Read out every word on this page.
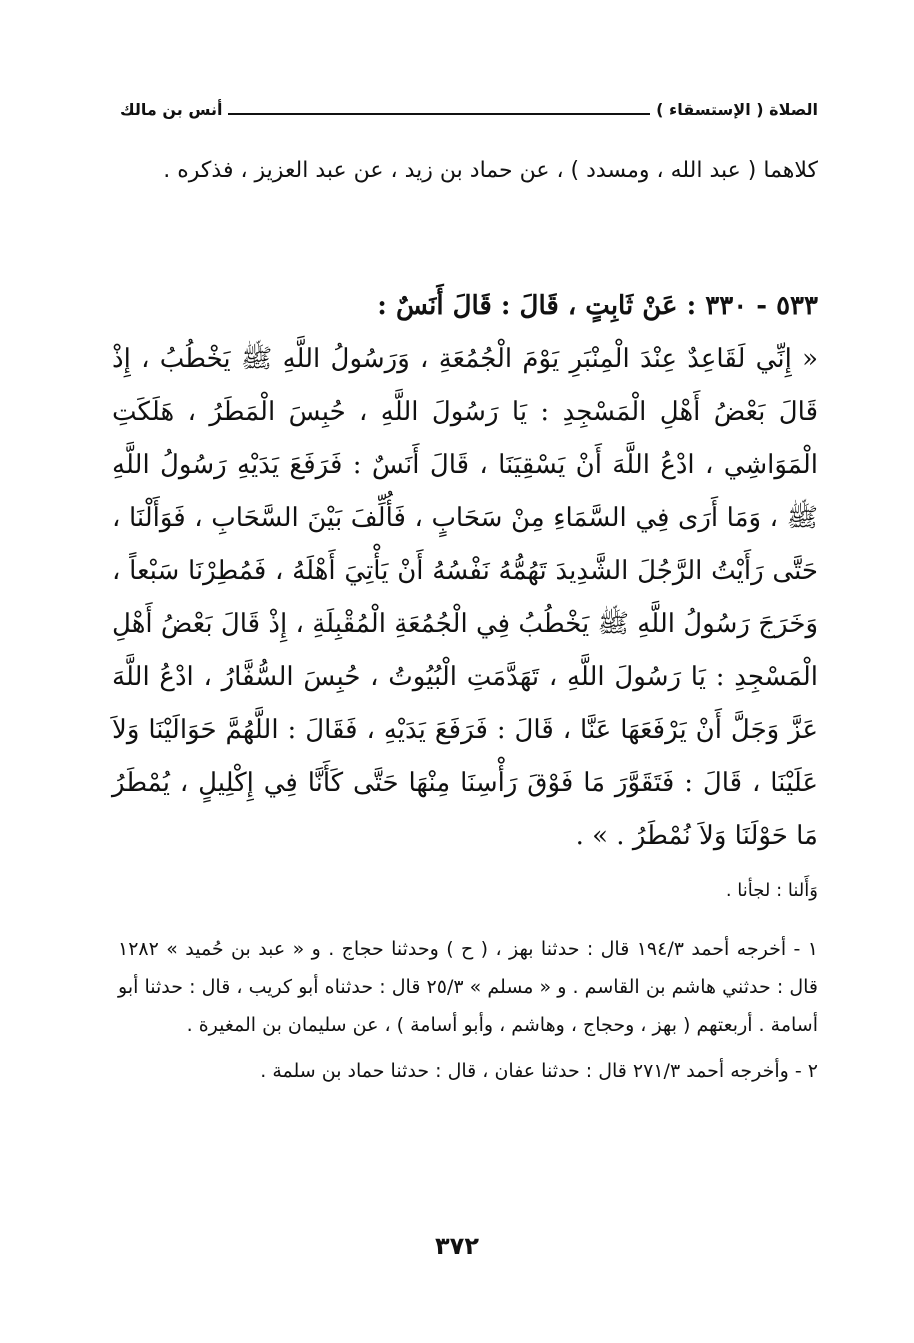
الصلاة ( الإستسقاء )
أنس بن مالك
كلاهما ( عبد الله ، ومسدد ) ، عن حماد بن زيد ، عن عبد العزيز ، فذكره .

٥٣٣ - ٣٣٠ : عَنْ ثَابِتٍ ، قَالَ : قَالَ أَنَسٌ :

« إِنِّي لَقَاعِدٌ عِنْدَ الْمِنْبَرِ يَوْمَ الْجُمُعَةِ ، وَرَسُولُ اللَّهِ ﷺ يَخْطُبُ ، إِذْ قَالَ بَعْضُ أَهْلِ الْمَسْجِدِ : يَا رَسُولَ اللَّهِ ، حُبِسَ الْمَطَرُ ، هَلَكَتِ الْمَوَاشِي ، ادْعُ اللَّهَ أَنْ يَسْقِيَنَا ، قَالَ أَنَسٌ : فَرَفَعَ يَدَيْهِ رَسُولُ اللَّهِ ﷺ ، وَمَا أَرَى فِي السَّمَاءِ مِنْ سَحَابٍ ، فَأُلِّفَ بَيْنَ السَّحَابِ ، فَوَأَلْنَا ، حَتَّى رَأَيْتُ الرَّجُلَ الشَّدِيدَ تَهُمُّهُ نَفْسُهُ أَنْ يَأْتِيَ أَهْلَهُ ، فَمُطِرْنَا سَبْعاً ، وَخَرَجَ رَسُولُ اللَّهِ ﷺ يَخْطُبُ فِي الْجُمُعَةِ الْمُقْبِلَةِ ، إِذْ قَالَ بَعْضُ أَهْلِ الْمَسْجِدِ : يَا رَسُولَ اللَّهِ ، تَهَدَّمَتِ الْبُيُوتُ ، حُبِسَ السُّفَّارُ ، ادْعُ اللَّهَ عَزَّ وَجَلَّ أَنْ يَرْفَعَهَا عَنَّا ، قَالَ : فَرَفَعَ يَدَيْهِ ، فَقَالَ : اللَّهُمَّ حَوَالَيْنَا وَلاَ عَلَيْنَا ، قَالَ : فَتَقَوَّرَ مَا فَوْقَ رَأْسِنَا مِنْهَا حَتَّى كَأَنَّا فِي إِكْلِيلٍ ، يُمْطَرُ مَا حَوْلَنَا وَلاَ نُمْطَرُ . » .

وَأَلنا : لجأنا .

١ - أخرجه أحمد ١٩٤/٣ قال : حدثنا بهز ، ( ح ) وحدثنا حجاج . و « عبد بن حُميد » ١٢٨٢ قال : حدثني هاشم بن القاسم . و « مسلم » ٢٥/٣ قال : حدثناه أبو كريب ، قال : حدثنا أبو أسامة . أربعتهم ( بهز ، وحجاج ، وهاشم ، وأبو أسامة ) ، عن سليمان بن المغيرة .

٢ - وأخرجه أحمد ٢٧١/٣ قال : حدثنا عفان ، قال : حدثنا حماد بن سلمة .

٣٧٢
